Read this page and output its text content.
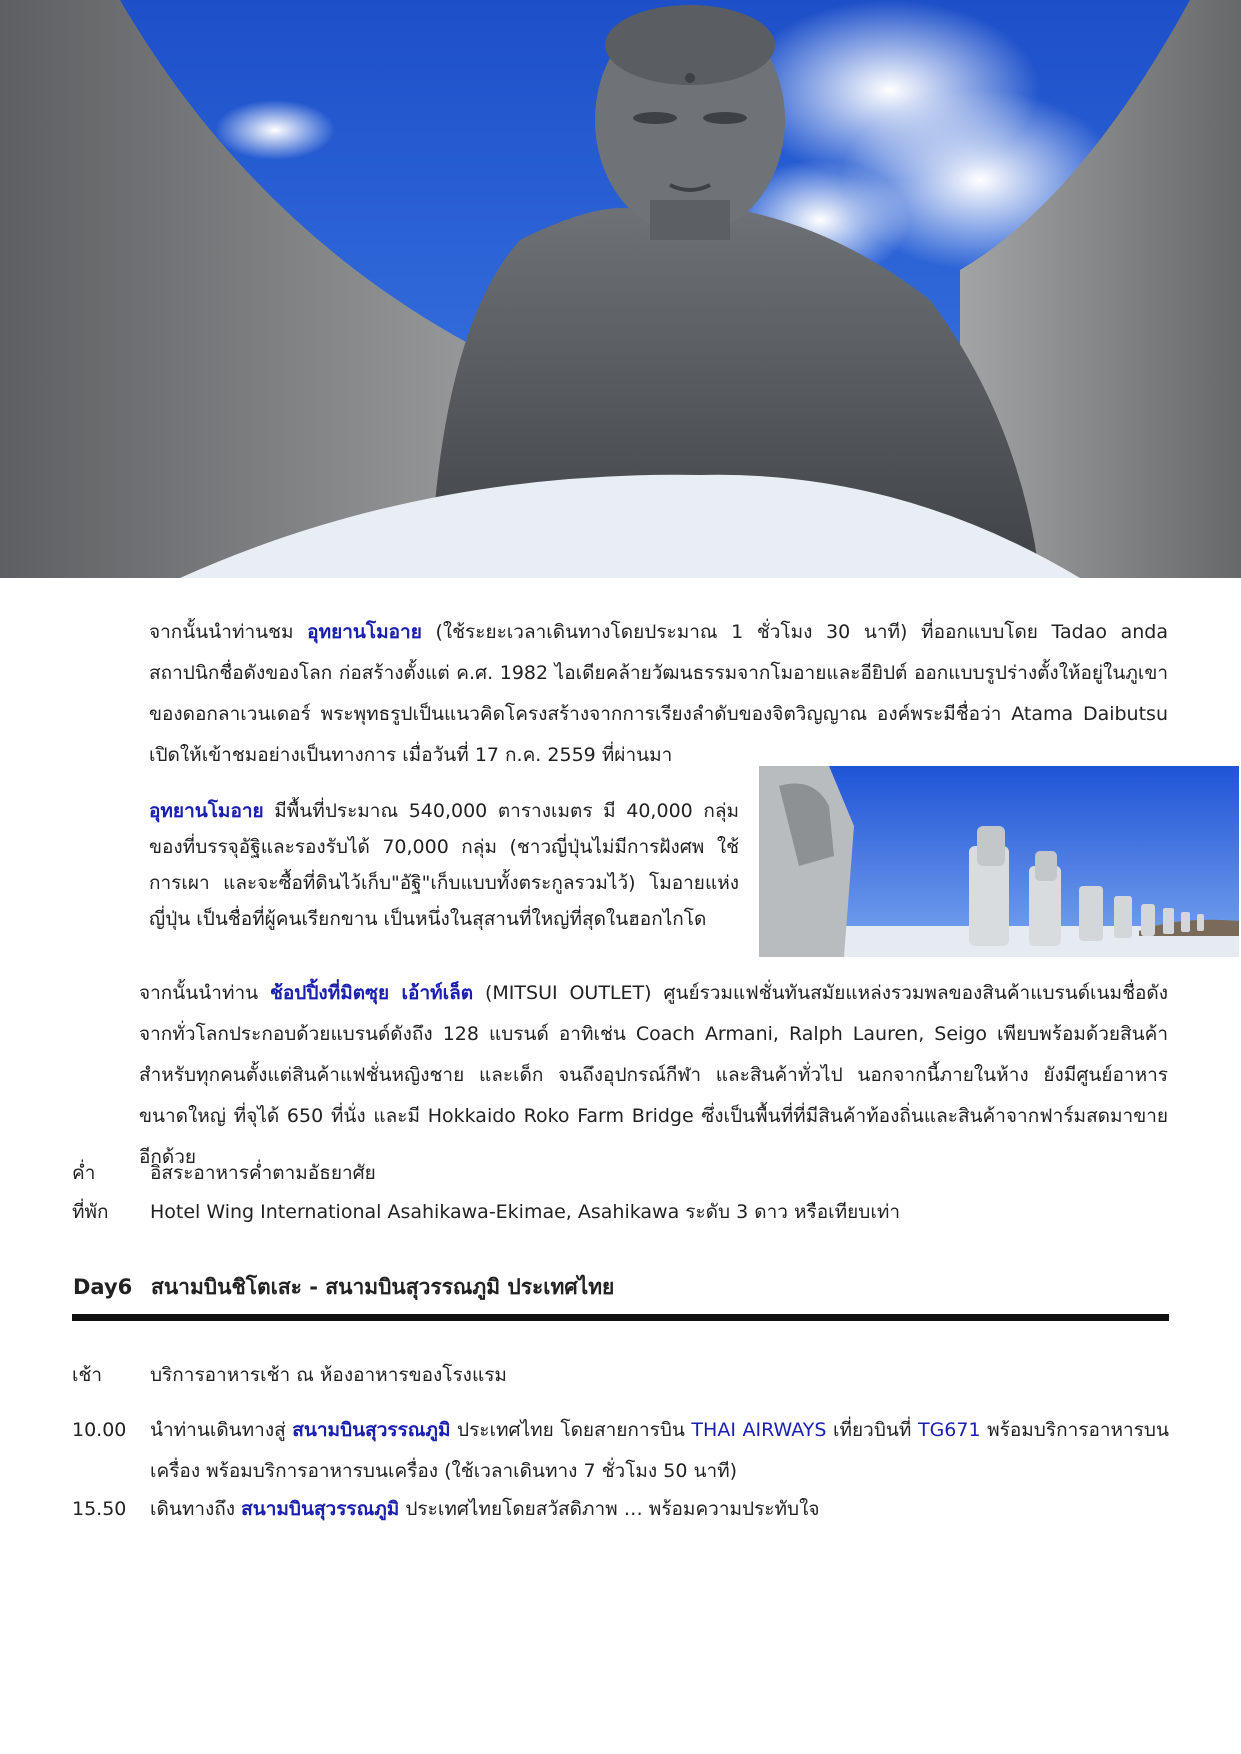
จากนั้นนำท่านชม อุทยานโมอาย (ใช้ระยะเวลาเดินทางโดยประมาณ 1 ชั่วโมง 30 นาที) ที่ออกแบบโดย Tadao anda สถาปนิกชื่อดังของโลก ก่อสร้างตั้งแต่ ค.ศ. 1982 ไอเดียคล้ายวัฒนธรรมจากโมอายและอียิปต์ ออกแบบรูปร่างตั้งให้อยู่ในภูเขาของดอกลาเวนเดอร์ พระพุทธรูปเป็นแนวคิดโครงสร้างจากการเรียงลำดับของจิตวิญญาณ องค์พระมีชื่อว่า Atama Daibutsu เปิดให้เข้าชมอย่างเป็นทางการ เมื่อวันที่ 17 ก.ค. 2559 ที่ผ่านมา
อุทยานโมอาย มีพื้นที่ประมาณ 540,000 ตารางเมตร มี 40,000 กลุ่มของที่บรรจุอัฐิและรองรับได้ 70,000 กลุ่ม (ชาวญี่ปุ่นไม่มีการฝังศพ ใช้การเผา และจะซื้อที่ดินไว้เก็บ"อัฐิ"เก็บแบบทั้งตระกูลรวมไว้) โมอายแห่งญี่ปุ่น เป็นชื่อที่ผู้คนเรียกขาน เป็นหนึ่งในสุสานที่ใหญ่ที่สุดในฮอกไกโด
จากนั้นนำท่าน ช้อปปิ้งที่มิตซุย เอ้าท์เล็ต (MITSUI OUTLET) ศูนย์รวมแฟชั่นทันสมัยแหล่งรวมพลของสินค้าแบรนด์เนมชื่อดังจากทั่วโลกประกอบด้วยแบรนด์ดังถึง 128 แบรนด์ อาทิเช่น Coach Armani, Ralph Lauren, Seigo เพียบพร้อมด้วยสินค้าสำหรับทุกคนตั้งแต่สินค้าแฟชั่นหญิงชาย และเด็ก จนถึงอุปกรณ์กีฬา และสินค้าทั่วไป นอกจากนี้ภายในห้าง ยังมีศูนย์อาหารขนาดใหญ่ ที่จุได้ 650 ที่นั่ง และมี Hokkaido Roko Farm Bridge ซึ่งเป็นพื้นที่ที่มีสินค้าท้องถิ่นและสินค้าจากฟาร์มสดมาขายอีกด้วย
ค่ำ	อิสระอาหารค่ำตามอัธยาศัย
ที่พัก Hotel Wing International Asahikawa-Ekimae, Asahikawa ระดับ 3 ดาว หรือเทียบเท่า
Day6 สนามบินชิโตเสะ - สนามบินสุวรรณภูมิ ประเทศไทย
เช้า	บริการอาหารเช้า ณ ห้องอาหารของโรงแรม
10.00	นำท่านเดินทางสู่ สนามบินสุวรรณภูมิ ประเทศไทย โดยสายการบิน THAI AIRWAYS เที่ยวบินที่ TG671 พร้อมบริการอาหารบนเครื่อง พร้อมบริการอาหารบนเครื่อง (ใช้เวลาเดินทาง 7 ชั่วโมง 50 นาที)
15.50 เดินทางถึง สนามบินสุวรรณภูมิ ประเทศไทยโดยสวัสดิภาพ … พร้อมความประทับใจ
